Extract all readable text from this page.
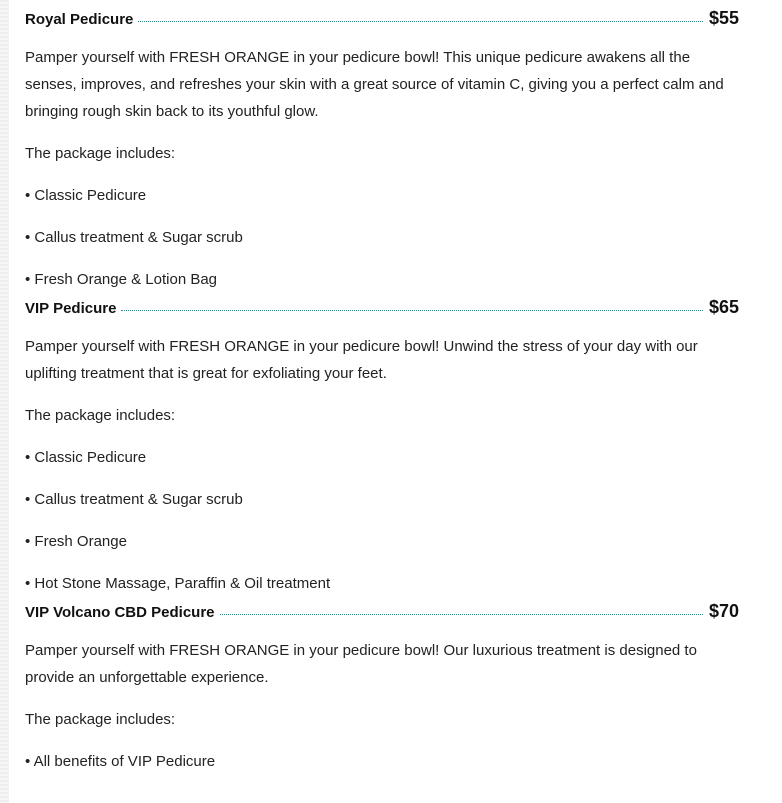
Royal Pedicure	$55

Pamper yourself with FRESH ORANGE in your pedicure bowl! This unique pedicure awakens all the senses, improves, and refreshes your skin with a great source of vitamin C, giving you a perfect calm and bringing rough skin back to its youthful glow.

The package includes:

• Classic Pedicure

• Callus treatment & Sugar scrub

• Fresh Orange & Lotion Bag

VIP Pedicure	$65

Pamper yourself with FRESH ORANGE in your pedicure bowl! Unwind the stress of your day with our uplifting treatment that is great for exfoliating your feet.

The package includes:

• Classic Pedicure

• Callus treatment & Sugar scrub

• Fresh Orange

• Hot Stone Massage, Paraffin & Oil treatment

VIP Volcano CBD Pedicure	$70

Pamper yourself with FRESH ORANGE in your pedicure bowl! Our luxurious treatment is designed to provide an unforgettable experience.

The package includes:

• All benefits of VIP Pedicure
